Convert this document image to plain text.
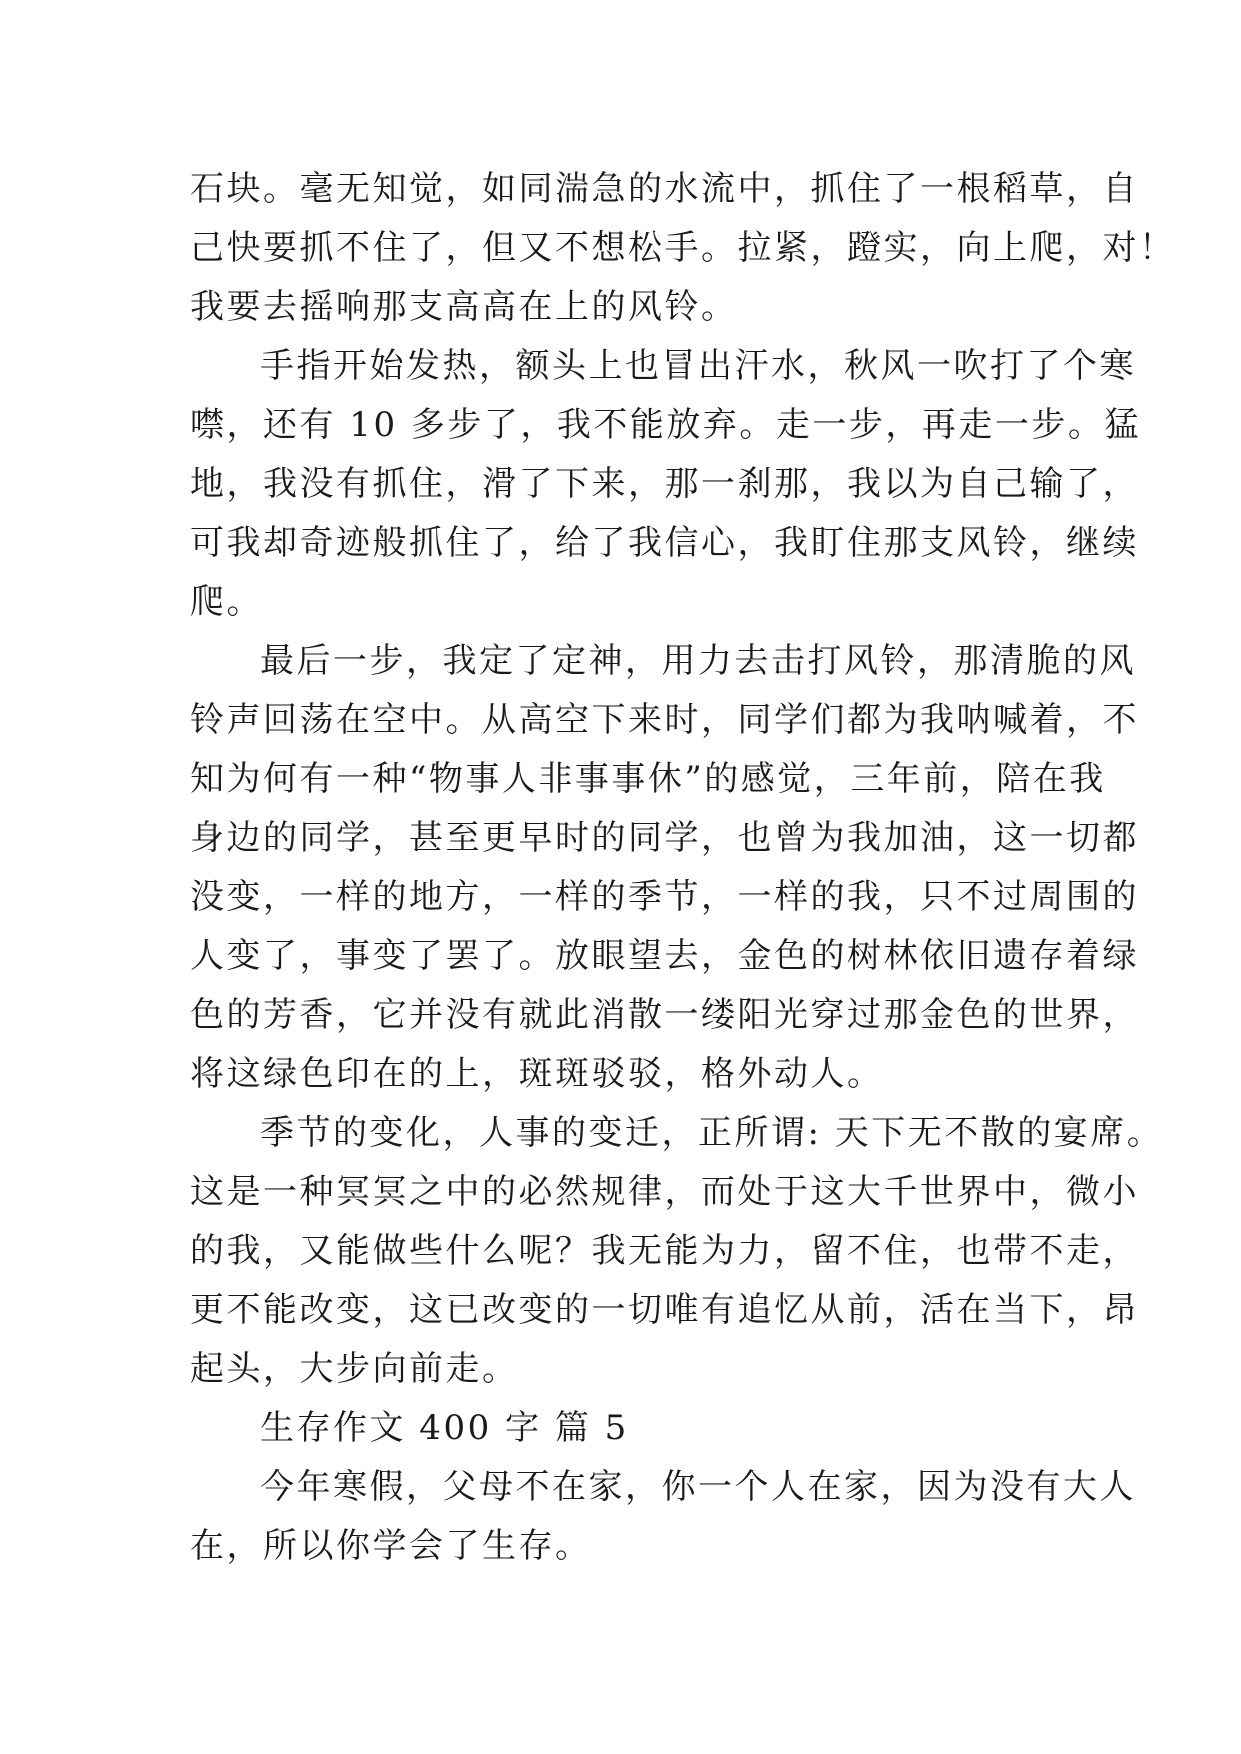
石块。毫无知觉，如同湍急的水流中，抓住了一根稻草，自
己快要抓不住了，但又不想松手。拉紧，蹬实，向上爬，对！
我要去摇响那支高高在上的风铃。
手指开始发热，额头上也冒出汗水，秋风一吹打了个寒
噤，还有 10 多步了，我不能放弃。走一步，再走一步。猛
地，我没有抓住，滑了下来，那一刹那，我以为自己输了，
可我却奇迹般抓住了，给了我信心，我盯住那支风铃，继续
爬。
最后一步，我定了定神，用力去击打风铃，那清脆的风
铃声回荡在空中。从高空下来时，同学们都为我呐喊着，不
知为何有一种“物事人非事事休”的感觉，三年前，陪在我
身边的同学，甚至更早时的同学，也曾为我加油，这一切都
没变，一样的地方，一样的季节，一样的我，只不过周围的
人变了，事变了罢了。放眼望去，金色的树林依旧遗存着绿
色的芳香，它并没有就此消散一缕阳光穿过那金色的世界，
将这绿色印在的上，斑斑驳驳，格外动人。
季节的变化，人事的变迁，正所谓: 天下无不散的宴席。
这是一种冥冥之中的必然规律，而处于这大千世界中，微小
的我，又能做些什么呢？我无能为力，留不住，也带不走，
更不能改变，这已改变的一切唯有追忆从前，活在当下，昂
起头，大步向前走。
生存作文 400 字 篇 5
今年寒假，父母不在家，你一个人在家，因为没有大人
在，所以你学会了生存。
